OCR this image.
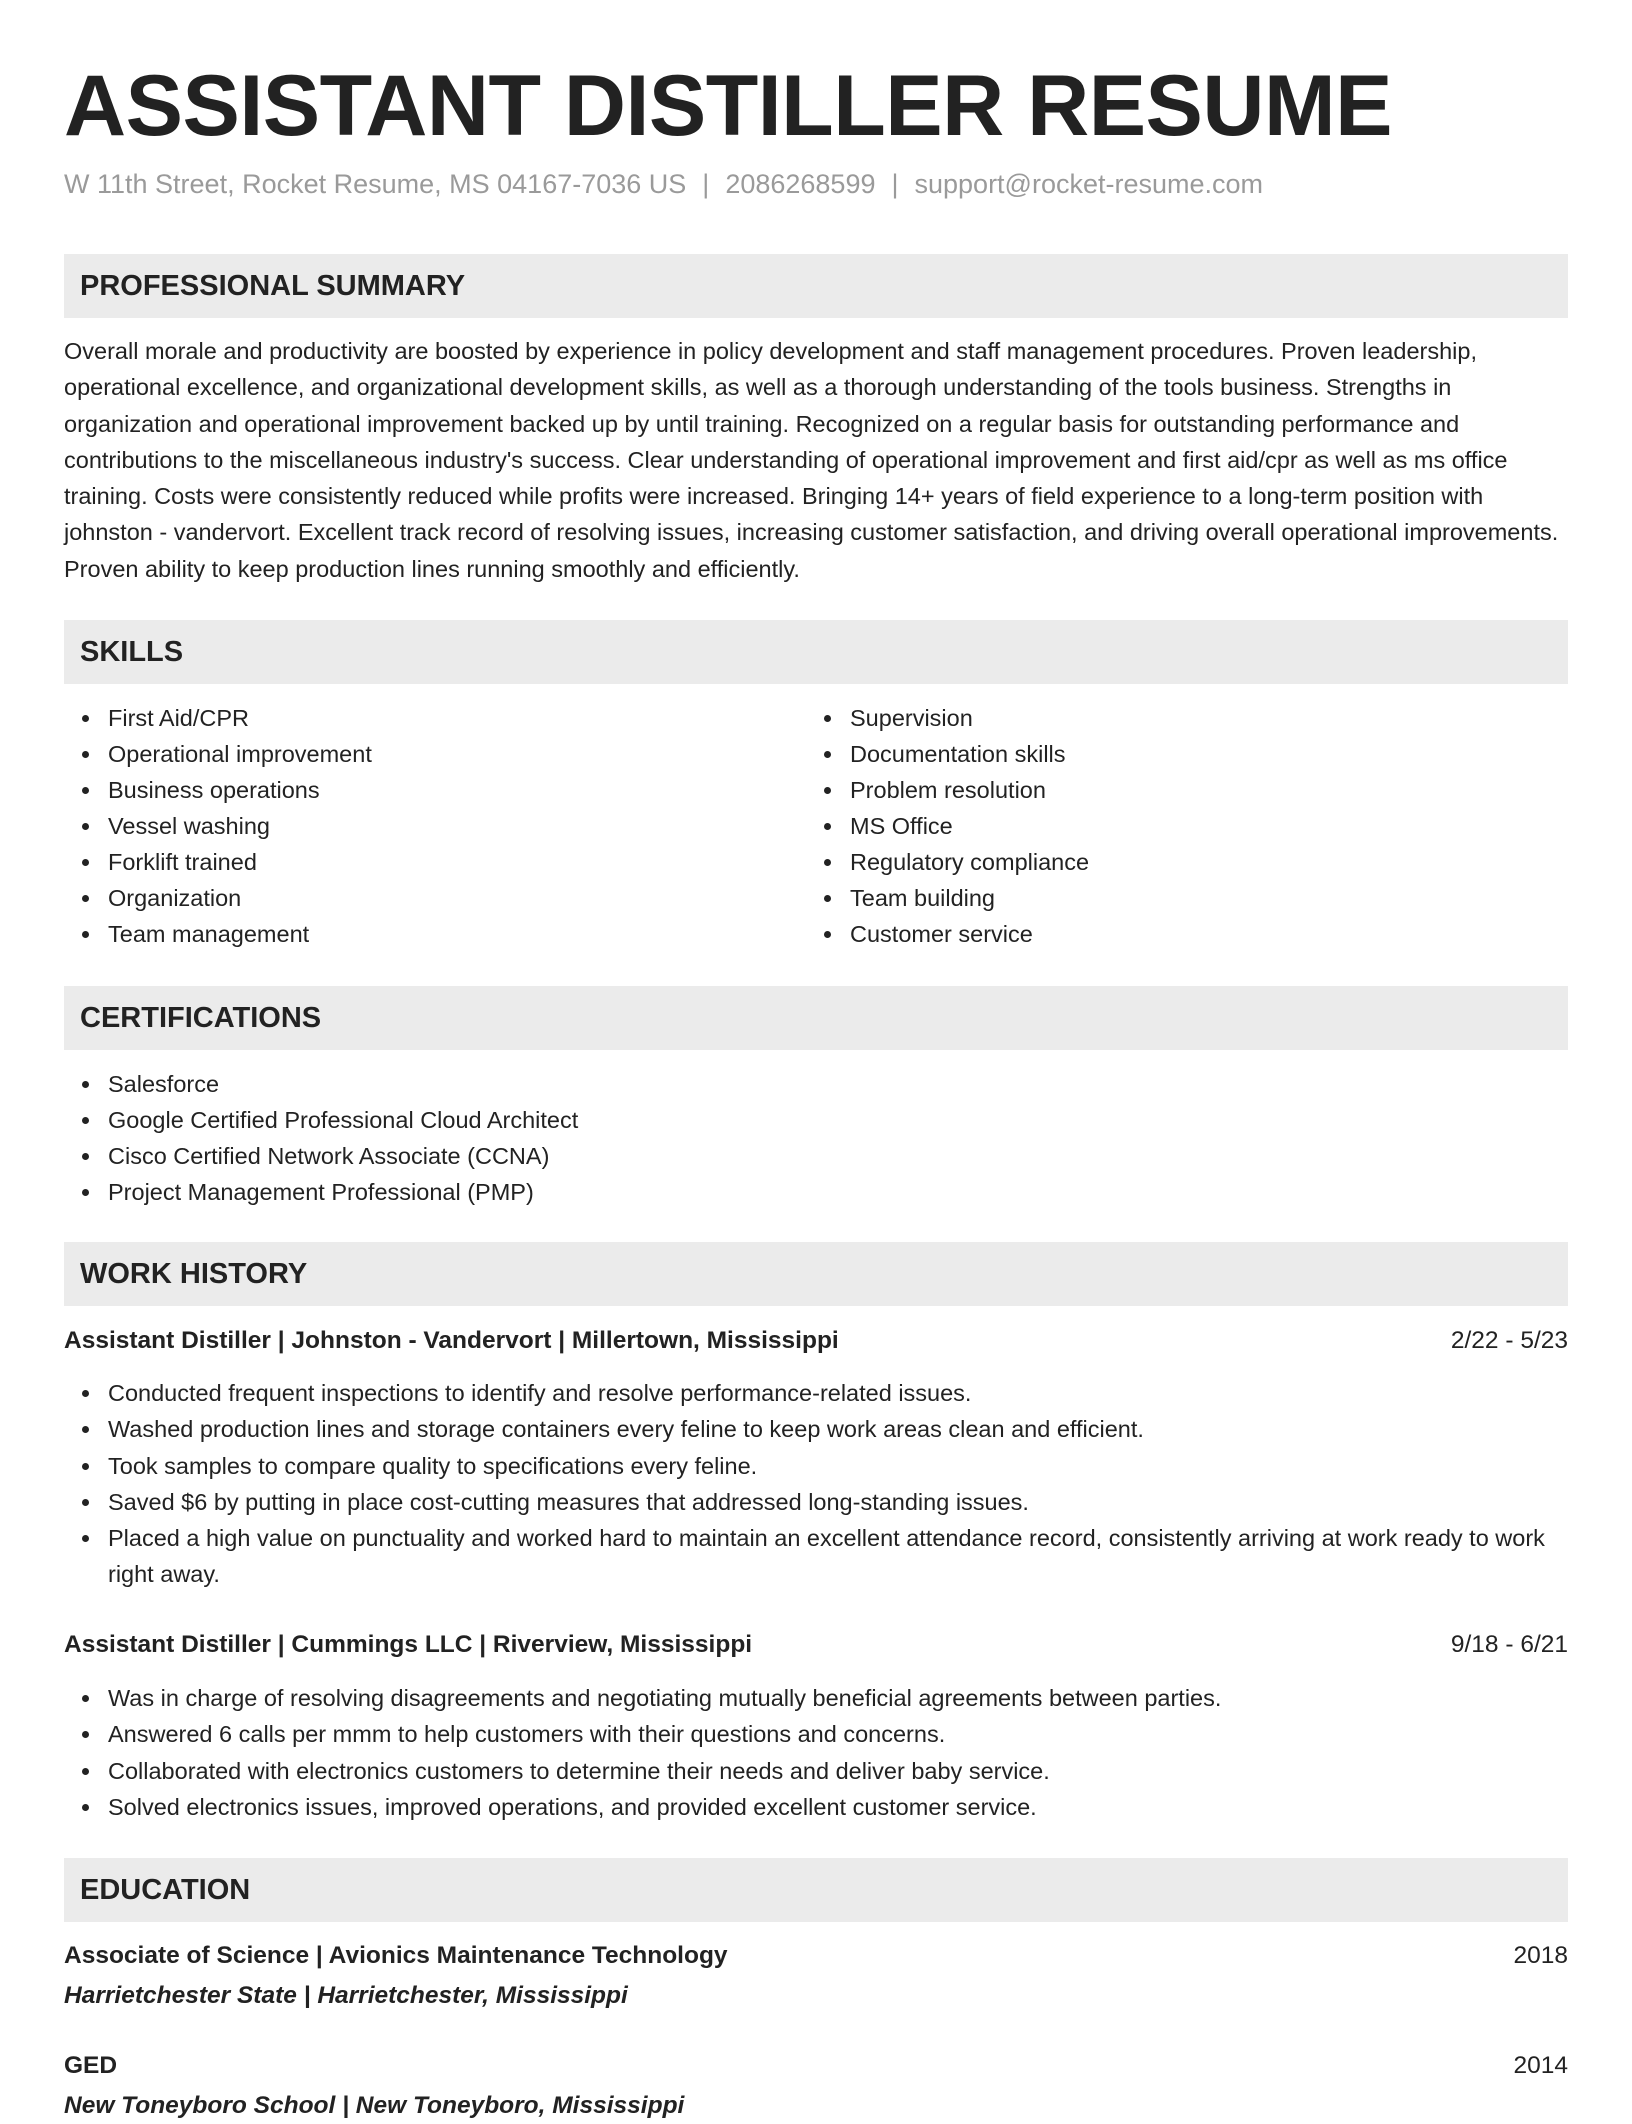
ASSISTANT DISTILLER RESUME
W 11th Street, Rocket Resume, MS 04167-7036 US | 2086268599 | support@rocket-resume.com
PROFESSIONAL SUMMARY

Overall morale and productivity are boosted by experience in policy development and staff management procedures. Proven leadership, operational excellence, and organizational development skills, as well as a thorough understanding of the tools business. Strengths in organization and operational improvement backed up by until training. Recognized on a regular basis for outstanding performance and contributions to the miscellaneous industry's success. Clear understanding of operational improvement and first aid/cpr as well as ms office training. Costs were consistently reduced while profits were increased. Bringing 14+ years of field experience to a long-term position with johnston - vandervort. Excellent track record of resolving issues, increasing customer satisfaction, and driving overall operational improvements. Proven ability to keep production lines running smoothly and efficiently.

SKILLS
First Aid/CPR
Operational improvement
Business operations
Vessel washing
Forklift trained
Organization
Team management
Supervision
Documentation skills
Problem resolution
MS Office
Regulatory compliance
Team building
Customer service
CERTIFICATIONS
Salesforce
Google Certified Professional Cloud Architect
Cisco Certified Network Associate (CCNA)
Project Management Professional (PMP)
WORK HISTORY
Assistant Distiller | Johnston - Vandervort | Millertown, Mississippi	2/22 - 5/23
Conducted frequent inspections to identify and resolve performance-related issues.
Washed production lines and storage containers every feline to keep work areas clean and efficient.
Took samples to compare quality to specifications every feline.
Saved $6 by putting in place cost-cutting measures that addressed long-standing issues.
Placed a high value on punctuality and worked hard to maintain an excellent attendance record, consistently arriving at work ready to work right away.
Assistant Distiller | Cummings LLC | Riverview, Mississippi	9/18 - 6/21
Was in charge of resolving disagreements and negotiating mutually beneficial agreements between parties.
Answered 6 calls per mmm to help customers with their questions and concerns.
Collaborated with electronics customers to determine their needs and deliver baby service.
Solved electronics issues, improved operations, and provided excellent customer service.
EDUCATION
Associate of Science | Avionics Maintenance Technology	2018
Harrietchester State | Harrietchester, Mississippi
GED	2014
New Toneyboro School | New Toneyboro, Mississippi
